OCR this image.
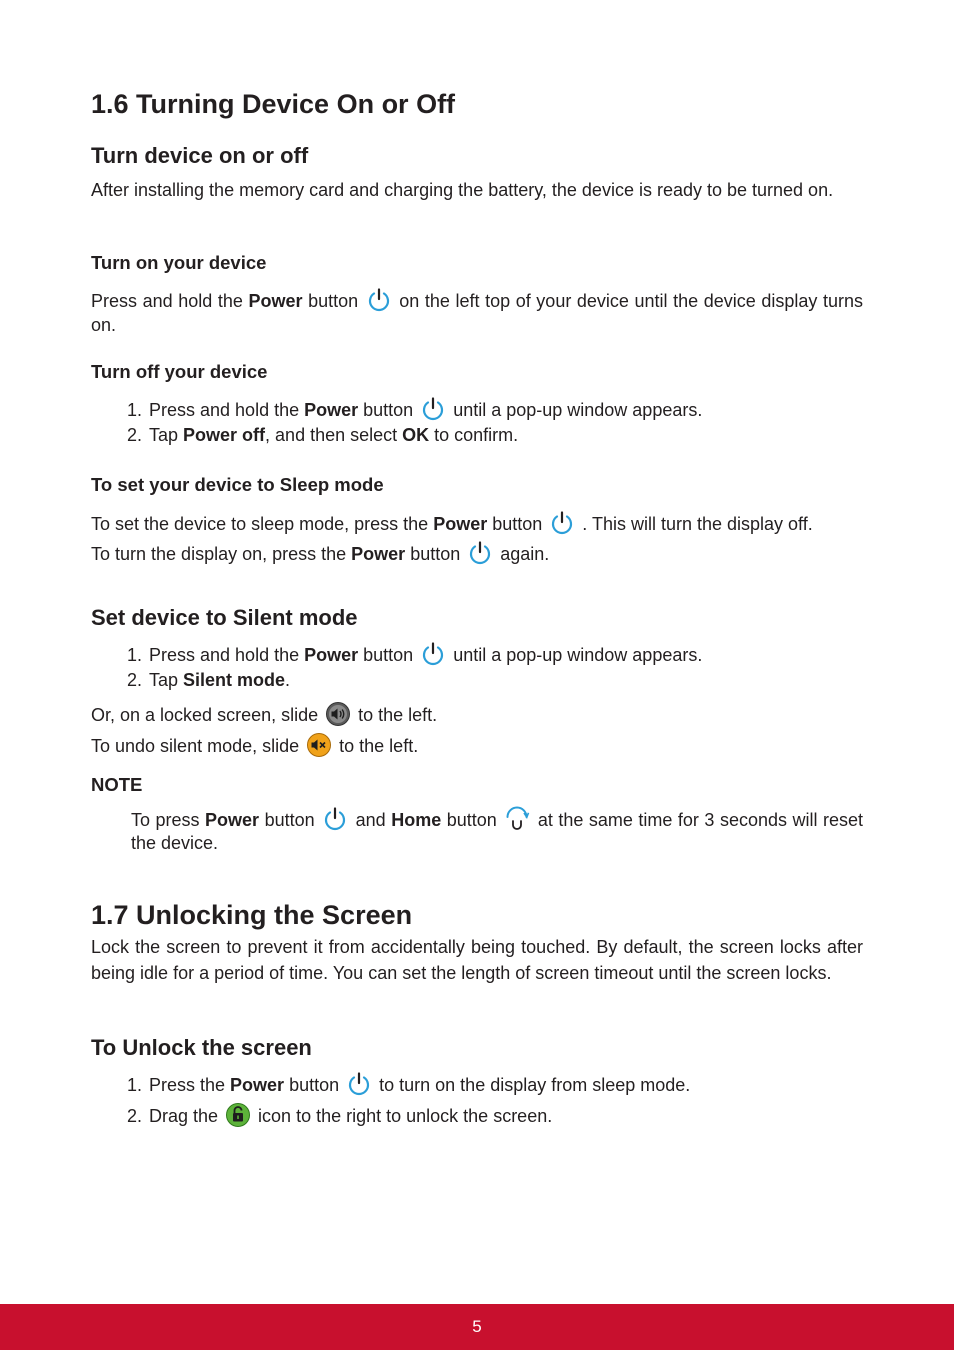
1.6 Turning Device On or Off
Turn device on or off

After installing the memory card and charging the battery, the device is ready to be turned on.

Turn on your device

Press and hold the Power button
on the left top of your device until the device display turns on.

Turn off your device
1. Press and hold the Power button
until a pop-up window appears.
2. Tap Power off, and then select OK to confirm.
To set your device to Sleep mode

To set the device to sleep mode, press the Power button
. This will turn the display off.

To turn the display on, press the Power button
again.

Set device to Silent mode
1. Press and hold the Power button
until a pop-up window appears.
2. Tap Silent mode.

Or, on a locked screen, slide
to the left.

To undo silent mode, slide
to the left.

NOTE

To press Power button
and Home button
at the same time for 3 seconds will reset the device.

1.7 Unlocking the Screen

Lock the screen to prevent it from accidentally being touched. By default, the screen locks after being idle for a period of time. You can set the length of screen timeout until the screen locks.

To Unlock the screen
1. Press the Power button
to turn on the display from sleep mode.
2. Drag the
icon to the right to unlock the screen.
5
